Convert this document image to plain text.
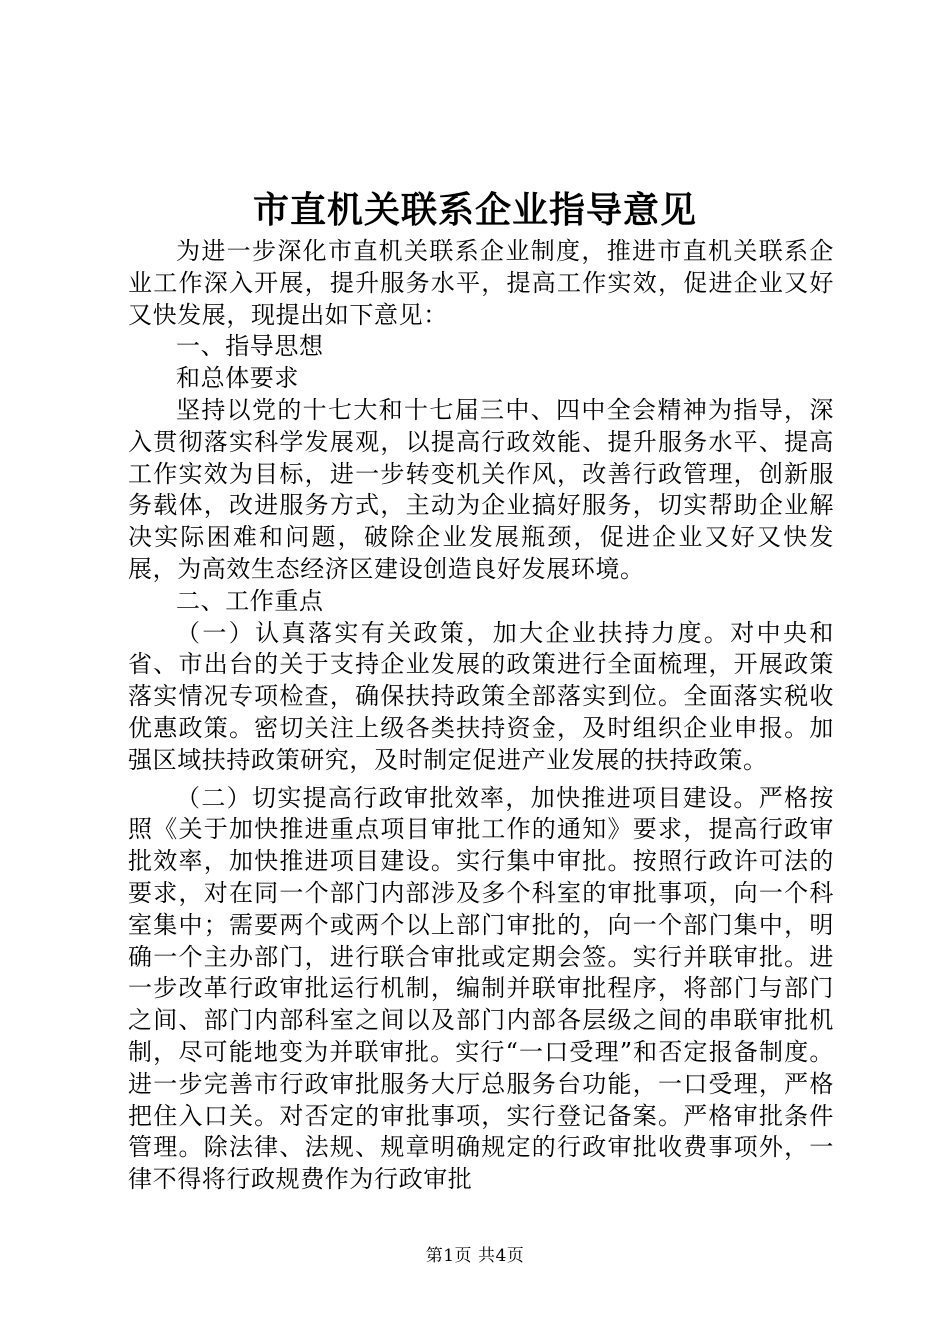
市直机关联系企业指导意见

为进一步深化市直机关联系企业制度，推进市直机关联系企业工作深入开展，提升服务水平，提高工作实效，促进企业又好又快发展，现提出如下意见：

一、指导思想

和总体要求

坚持以党的十七大和十七届三中、四中全会精神为指导，深入贯彻落实科学发展观，以提高行政效能、提升服务水平、提高工作实效为目标，进一步转变机关作风，改善行政管理，创新服务载体，改进服务方式，主动为企业搞好服务，切实帮助企业解决实际困难和问题，破除企业发展瓶颈，促进企业又好又快发展，为高效生态经济区建设创造良好发展环境。

二、工作重点

（一）认真落实有关政策，加大企业扶持力度。对中央和省、市出台的关于支持企业发展的政策进行全面梳理，开展政策落实情况专项检查，确保扶持政策全部落实到位。全面落实税收优惠政策。密切关注上级各类扶持资金，及时组织企业申报。加强区域扶持政策研究，及时制定促进产业发展的扶持政策。

（二）切实提高行政审批效率，加快推进项目建设。严格按照《关于加快推进重点项目审批工作的通知》要求，提高行政审批效率，加快推进项目建设。实行集中审批。按照行政许可法的要求，对在同一个部门内部涉及多个科室的审批事项，向一个科室集中；需要两个或两个以上部门审批的，向一个部门集中，明确一个主办部门，进行联合审批或定期会签。实行并联审批。进一步改革行政审批运行机制，编制并联审批程序，将部门与部门之间、部门内部科室之间以及部门内部各层级之间的串联审批机制，尽可能地变为并联审批。实行“一口受理”和否定报备制度。进一步完善市行政审批服务大厅总服务台功能，一口受理，严格把住入口关。对否定的审批事项，实行登记备案。严格审批条件管理。除法律、法规、规章明确规定的行政审批收费事项外，一律不得将行政规费作为行政审批

第1页 共4页
